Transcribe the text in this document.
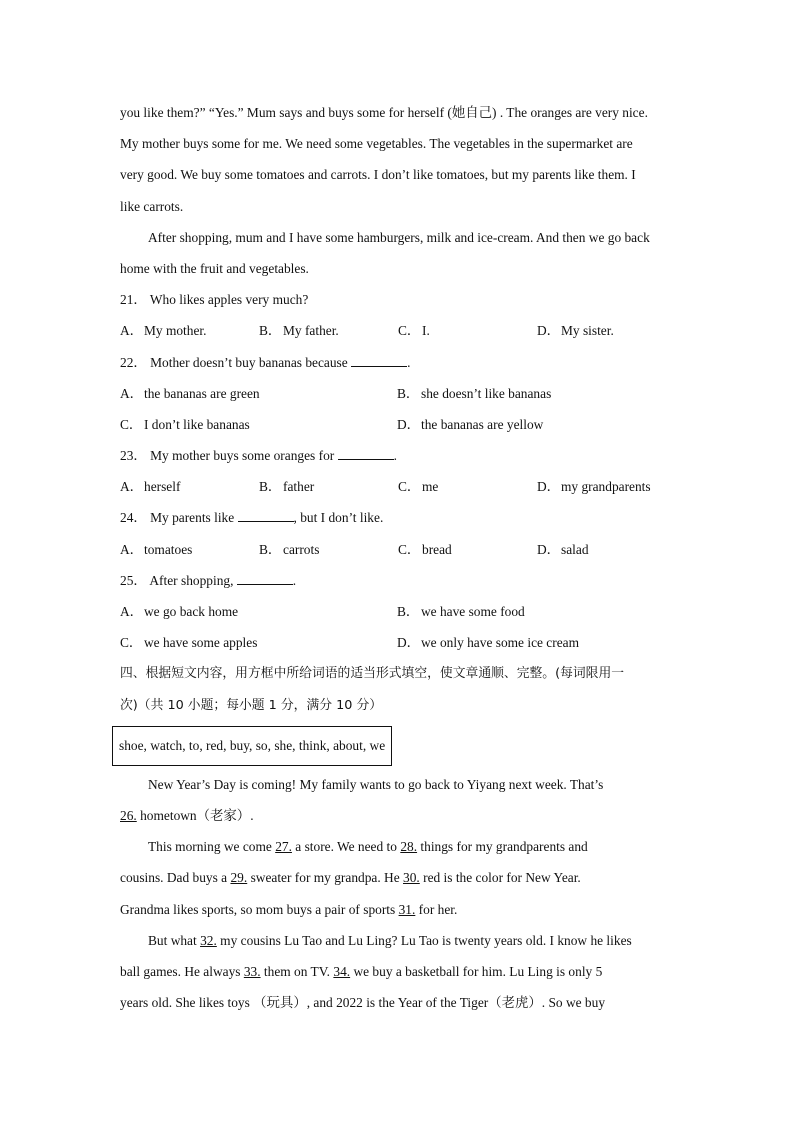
you like them?” “Yes.” Mum says and buys some for herself (她自己) . The oranges are very nice.
My mother buys some for me. We need some vegetables. The vegetables in the supermarket are
very good. We buy some tomatoes and carrots. I don’t like tomatoes, but my parents like them. I
like carrots.
After shopping, mum and I have some hamburgers, milk and ice-cream. And then we go back
home with the fruit and vegetables.
21． Who likes apples very much?
A．My mother.	B． My father.	C． I.	D．My sister.
22． Mother doesn’t buy bananas because	.
A．the bananas are green	B． she doesn’t like bananas
C． I don’t like bananas	D．the bananas are yellow
23． My mother buys some oranges for	.
A．herself	B． father	C． me	D．my grandparents
24． My parents like	, but I don’t like.
A．tomatoes	B． carrots	C． bread	D．salad
25． After shopping,	.
A．we go back home	B． we have some food
C． we have some apples	D．we only have some ice cream
四、根据短文内容，用方框中所给词语的适当形式填空，使文章通顺、完整。(每词限用一
次)（共 10 小题；每小题 1 分，满分 10 分）
shoe, watch, to, red, buy, so, she, think, about, we
New Year’s Day is coming! My family wants to go back to Yiyang next week. That’s
26. hometown（老家）.
This morning we come 27. a store. We need to 28. things for my grandparents and
cousins. Dad buys a 29. sweater for my grandpa. He 30. red is the color for New Year.
Grandma likes sports, so mom buys a pair of sports 31. for her.
But what 32. my cousins Lu Tao and Lu Ling? Lu Tao is twenty years old. I know he likes
ball games. He always 33. them on TV. 34. we buy a basketball for him. Lu Ling is only 5
years old. She likes toys （玩具）, and 2022 is the Year of the Tiger（老虎）. So we buy
